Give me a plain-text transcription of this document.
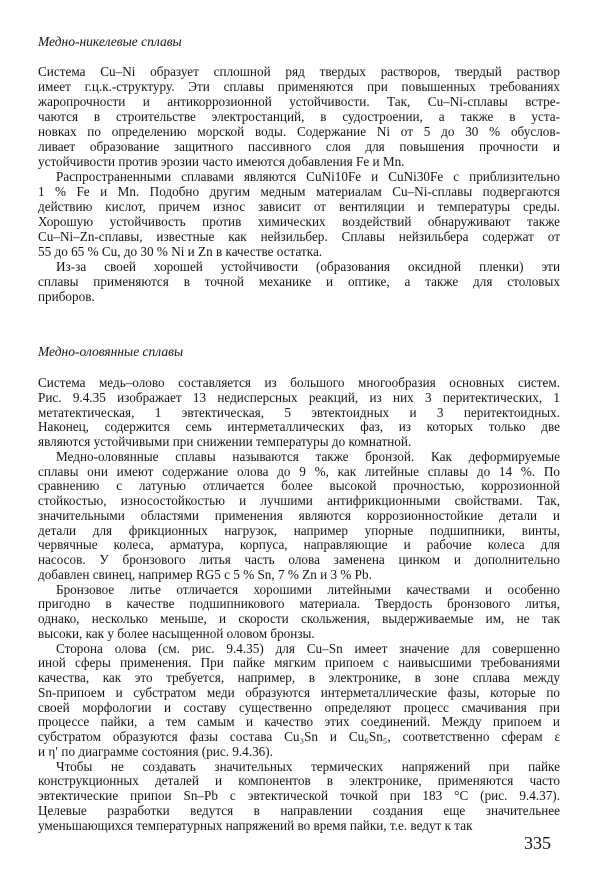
Медно-никелевые сплавы
Система Cu–Ni образует сплошной ряд твердых растворов, твердый раствор
имеет г.ц.к.-структуру. Эти сплавы применяются при повышенных требованиях
жаропрочности и антикоррозионной устойчивости. Так, Cu–Ni-сплавы встре-
чаются в строительстве электростанций, в судостроении, а также в уста-
новках по определению морской воды. Содержание Ni от 5 до 30 % обуслов-
ливает образование защитного пассивного слоя для повышения прочности и
устойчивости против эрозии часто имеются добавления Fe и Mn.
Распространенными сплавами являются CuNi10Fe и CuNi30Fe с приблизительно
1 % Fe и Mn. Подобно другим медным материалам Cu–Ni-сплавы подвергаются
действию кислот, причем износ зависит от вентиляции и температуры среды.
Хорошую устойчивость против химических воздействий обнаруживают также
Cu–Ni–Zn-сплавы, известные как нейзильбер. Сплавы нейзильбера содержат от
55 до 65 % Cu, до 30 % Ni и Zn в качестве остатка.
Из-за своей хорошей устойчивости (образования оксидной пленки) эти
сплавы применяются в точной механике и оптике, а также для столовых
приборов.
Медно-оловянные сплавы
Система медь–олово составляется из большого многообразия основных систем.
Рис. 9.4.35 изображает 13 недисперсных реакций, из них 3 перитектических, 1
метатектическая, 1 эвтектическая, 5 эвтектоидных и 3 перитектоидных.
Наконец, содержится семь интерметаллических фаз, из которых только две
являются устойчивыми при снижении температуры до комнатной.
Медно-оловянные сплавы называются также бронзой. Как деформируемые
сплавы они имеют содержание олова до 9 %, как литейные сплавы до 14 %. По
сравнению с латунью отличается более высокой прочностью, коррозионной
стойкостью, износостойкостью и лучшими антифрикционными свойствами. Так,
значительными областями применения являются коррозионностойкие детали и
детали для фрикционных нагрузок, например упорные подшипники, винты,
червячные колеса, арматура, корпуса, направляющие и рабочие колеса для
насосов. У бронзового литья часть олова заменена цинком и дополнительно
добавлен свинец, например RG5 с 5 % Sn, 7 % Zn и 3 % Pb.
Бронзовое литье отличается хорошими литейными качествами и особенно
пригодно в качестве подшипникового материала. Твердость бронзового литья,
однако, несколько меньше, и скорости скольжения, выдерживаемые им, не так
высоки, как у более насыщенной оловом бронзы.
Сторона олова (см. рис. 9.4.35) для Cu–Sn имеет значение для совершенно
иной сферы применения. При пайке мягким припоем с наивысшими требованиями
качества, как это требуется, например, в электронике, в зоне сплава между
Sn-припоем и субстратом меди образуются интерметаллические фазы, которые по
своей морфологии и составу существенно определяют процесс смачивания при
процессе пайки, а тем самым и качество этих соединений. Между припоем и
субстратом образуются фазы состава Cu₃Sn и Cu₆Sn₅, соответственно сферам ε
и η′ по диаграмме состояния (рис. 9.4.36).
Чтобы не создавать значительных термических напряжений при пайке
конструкционных деталей и компонентов в электронике, применяются часто
эвтектические припои Sn–Pb с эвтектической точкой при 183 °C (рис. 9.4.37).
Целевые разработки ведутся в направлении создания еще значительнее
уменьшающихся температурных напряжений во время пайки, т.е. ведут к так
335
